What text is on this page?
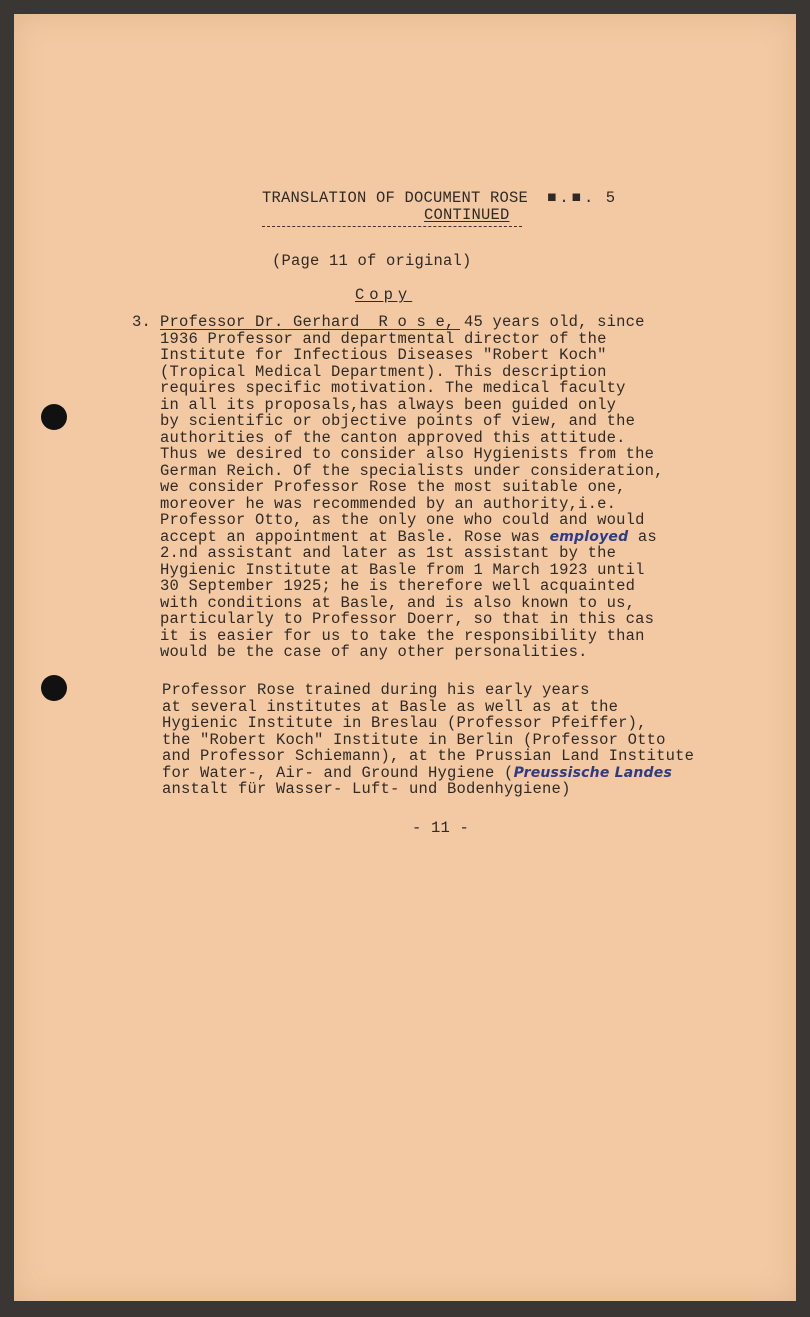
TRANSLATION OF DOCUMENT ROSE ■.■. 5
CONTINUED
(Page 11 of original)
Copy
3.
Professor Dr. Gerhard  R o s e, 45 years old, since
1936 Professor and departmental director of the
Institute for Infectious Diseases "Robert Koch"
(Tropical Medical Department). This description
requires specific motivation. The medical faculty
in all its proposals,has always been guided only
by scientific or objective points of view, and the
authorities of the canton approved this attitude.
Thus we desired to consider also Hygienists from the
German Reich. Of the specialists under consideration,
we consider Professor Rose the most suitable one,
moreover he was recommended by an authority,i.e.
Professor Otto, as the only one who could and would
accept an appointment at Basle. Rose was employed as
2.nd assistant and later as 1st assistant by the
Hygienic Institute at Basle from 1 March 1923 until
30 September 1925; he is therefore well acquainted
with conditions at Basle, and is also known to us,
particularly to Professor Doerr, so that in this cas
it is easier for us to take the responsibility than
would be the case of any other personalities.

Professor Rose trained during his early years
at several institutes at Basle as well as at the
Hygienic Institute in Breslau (Professor Pfeiffer),
the "Robert Koch" Institute in Berlin (Professor Otto
and Professor Schiemann), at the Prussian Land Institute
for Water-, Air- and Ground Hygiene (Preussische Landes
anstalt für Wasser- Luft- und Bodenhygiene)
- 11 -
